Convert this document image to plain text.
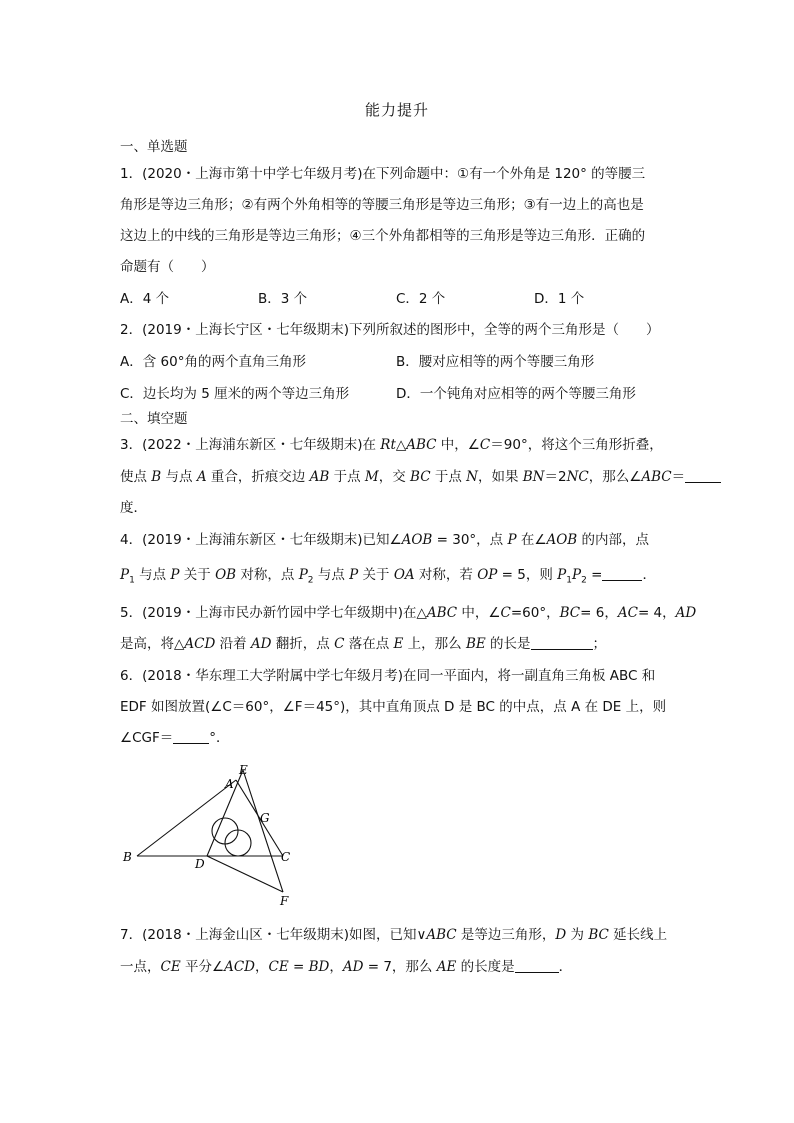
能力提升
一、单选题
1．(2020・上海市第十中学七年级月考)在下列命题中：①有一个外角是 120° 的等腰三
角形是等边三角形；②有两个外角相等的等腰三角形是等边三角形；③有一边上的高也是
这边上的中线的三角形是等边三角形；④三个外角都相等的三角形是等边三角形．正确的
命题有（　　）
A．4 个	B．3 个	C．2 个	D．1 个
2．(2019・上海长宁区・七年级期末)下列所叙述的图形中，全等的两个三角形是（　　）
A．含 60°角的两个直角三角形	B．腰对应相等的两个等腰三角形
C．边长均为 5 厘米的两个等边三角形	D．一个钝角对应相等的两个等腰三角形
二、填空题
3．(2022・上海浦东新区・七年级期末)在 Rt△ABC 中，∠C＝90°，将这个三角形折叠，
使点 B 与点 A 重合，折痕交边 AB 于点 M，交 BC 于点 N，如果 BN＝2NC，那么∠ABC＝
度．
4．(2019・上海浦东新区・七年级期末)已知∠AOB = 30°，点 P 在∠AOB 的内部，点
$P_1$ 与点 P 关于 OB 对称，点 $P_2$ 与点 P 关于 OA 对称，若 OP = 5，则 $P_1P_2$ =	．
5．(2019・上海市民办新竹园中学七年级期中)在△ABC 中，∠C=60°，BC= 6，AC= 4，AD
是高，将△ACD 沿着 AD 翻折，点 C 落在点 E 上，那么 BE 的长是	；
6．(2018・华东理工大学附属中学七年级月考)在同一平面内，将一副直角三角板 ABC 和
EDF 如图放置(∠C＝60°，∠F＝45°)，其中直角顶点 D 是 BC 的中点，点 A 在 DE 上，则
∠CGF＝	°．
E
A
G
B	D	C
F
7．(2018・上海金山区・七年级期末)如图，已知∨ABC 是等边三角形，D 为 BC 延长线上
一点，CE 平分∠ACD，CE = BD，AD = 7，那么 AE 的长度是	．
